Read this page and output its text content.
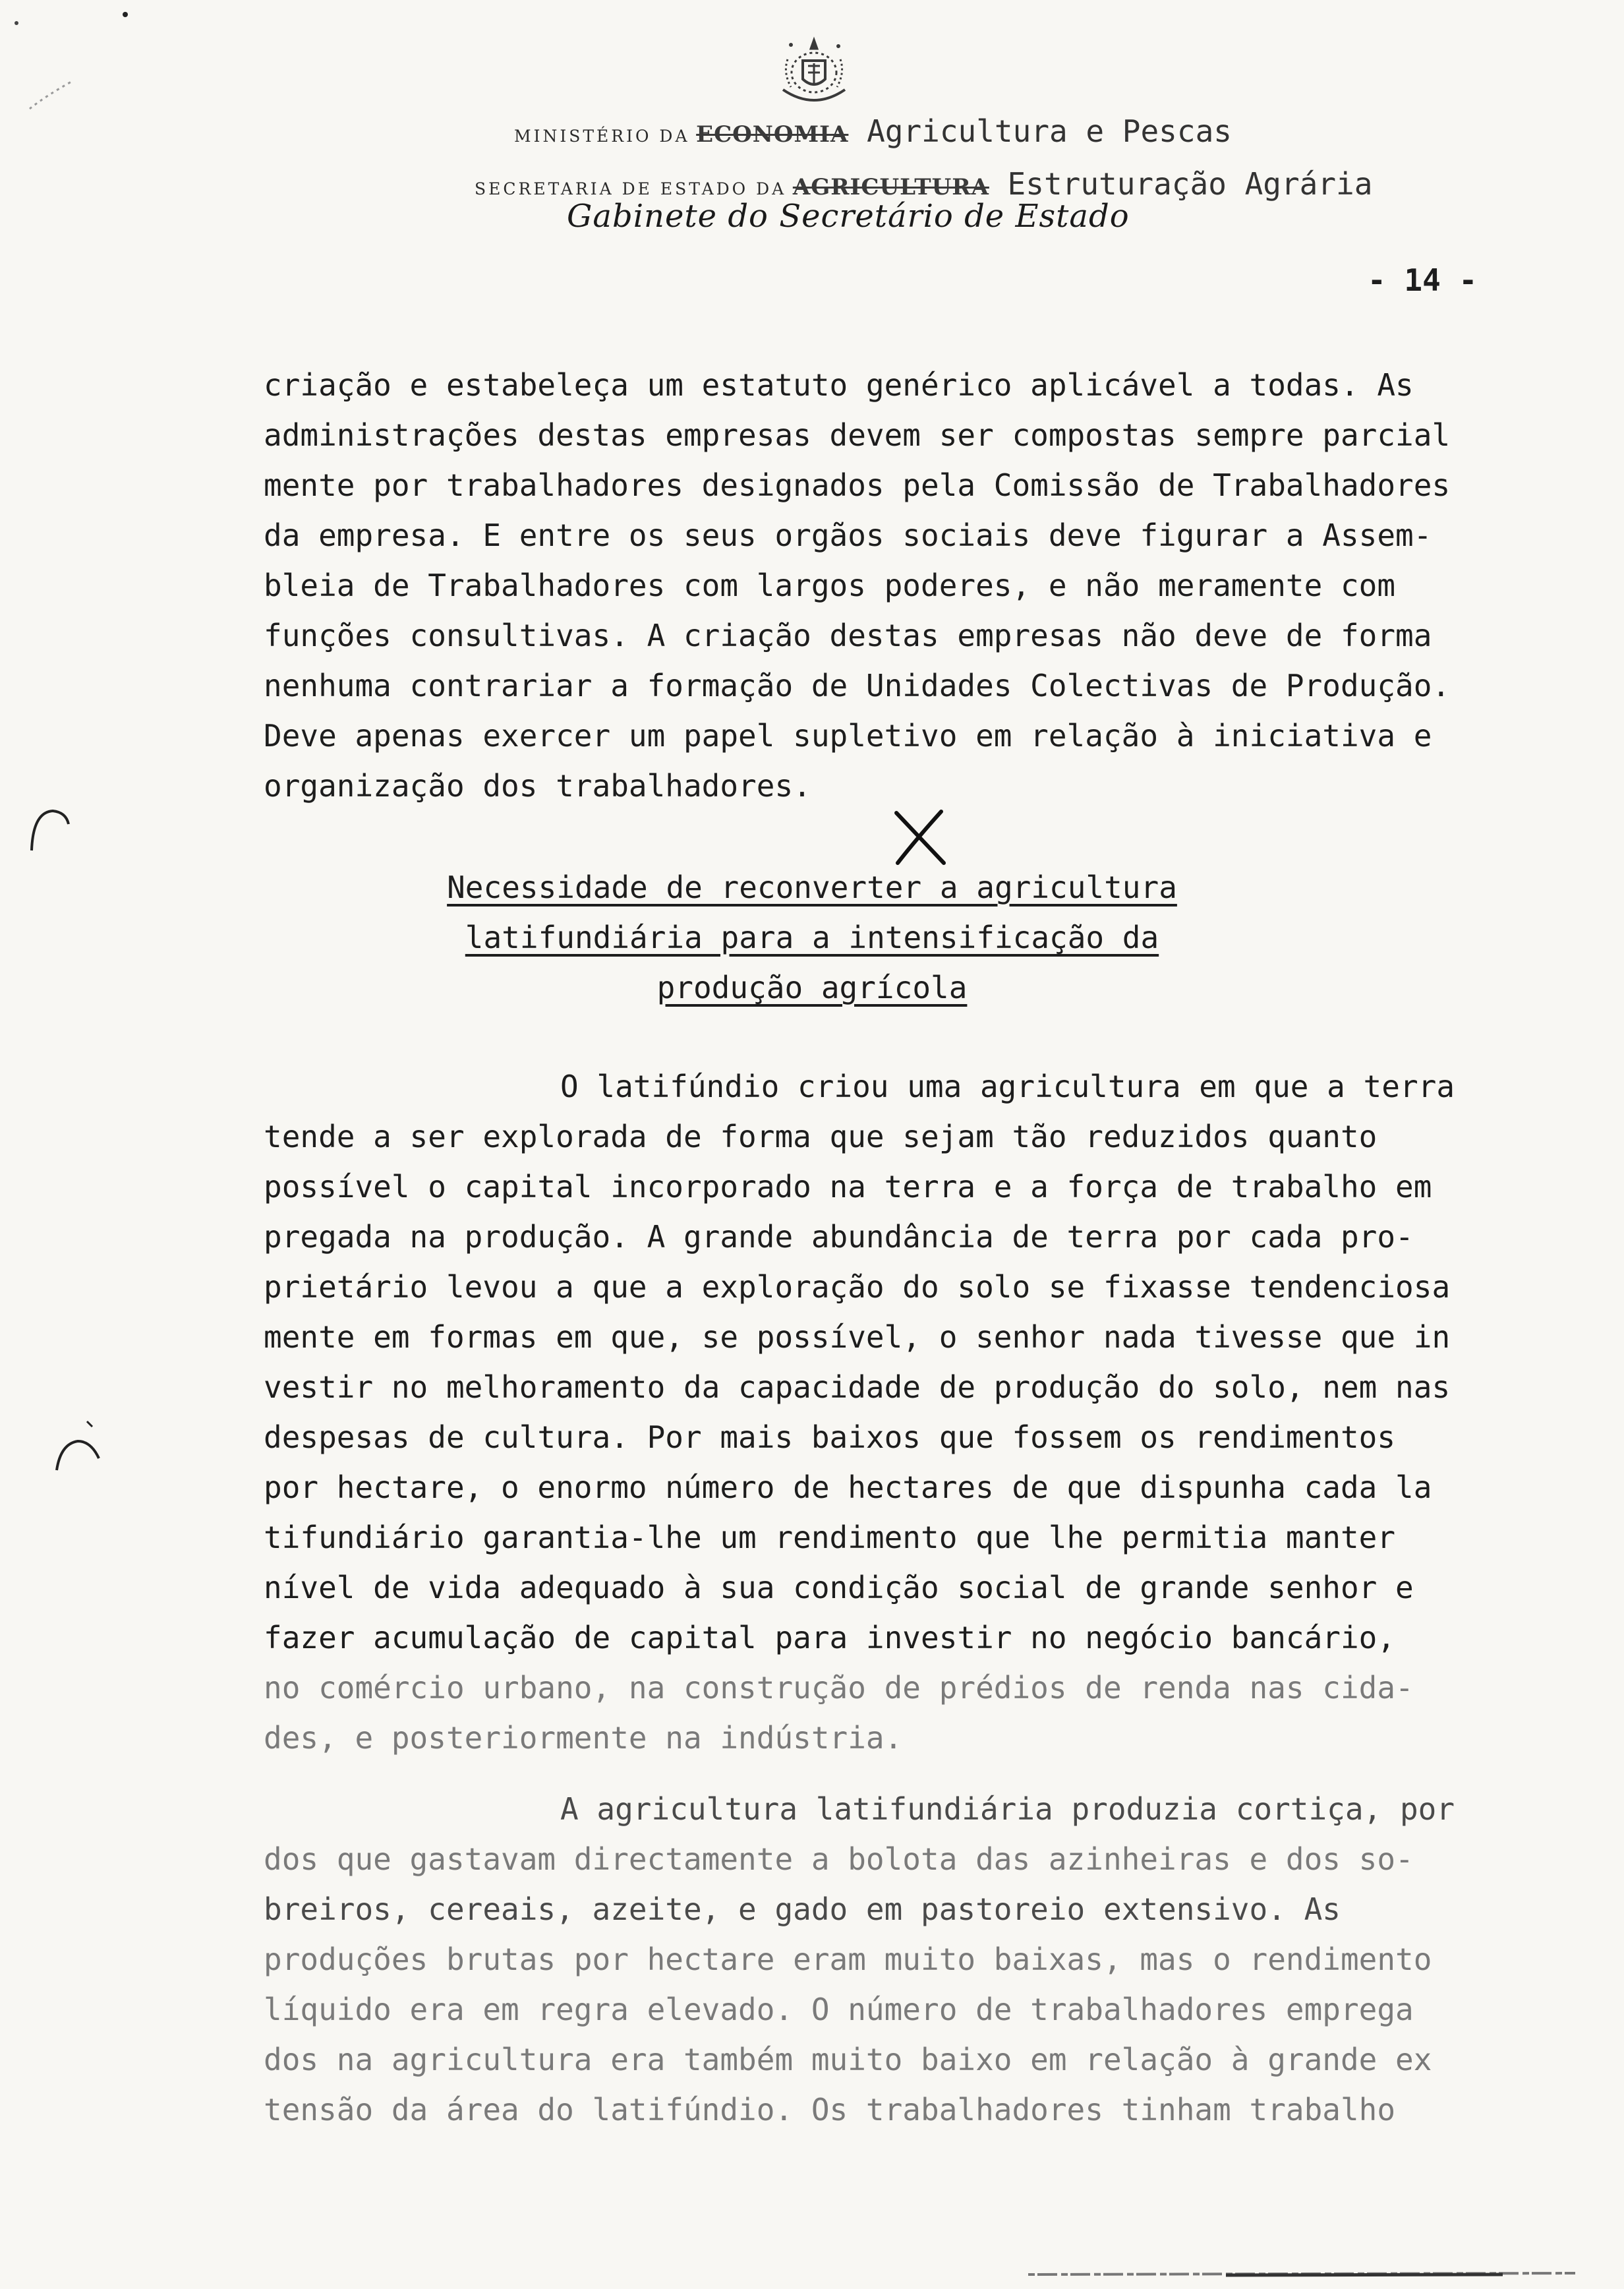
MINISTÉRIO DA ECONOMIA Agricultura e Pescas
SECRETARIA DE ESTADO DA AGRICULTURA Estruturação Agrária
Gabinete do Secretário de Estado
- 14 -
criação e estabeleça um estatuto genérico aplicável a todas. As
administrações destas empresas devem ser compostas sempre parcial
mente por trabalhadores designados pela Comissão de Trabalhadores
da empresa. E entre os seus orgãos sociais deve figurar a Assem-
bleia de Trabalhadores com largos poderes, e não meramente com
funções consultivas. A criação destas empresas não deve de forma
nenhuma contrariar a formação de Unidades Colectivas de Produção.
Deve apenas exercer um papel supletivo em relação à iniciativa e
organização dos trabalhadores.
Necessidade de reconverter a agricultura
latifundiária para a intensificação da
produção agrícola
O latifúndio criou uma agricultura em que a terra
tende a ser explorada de forma que sejam tão reduzidos quanto
possível o capital incorporado na terra e a força de trabalho em
pregada na produção. A grande abundância de terra por cada pro-
prietário levou a que a exploração do solo se fixasse tendenciosa
mente em formas em que, se possível, o senhor nada tivesse que in
vestir no melhoramento da capacidade de produção do solo, nem nas
despesas de cultura. Por mais baixos que fossem os rendimentos
por hectare, o enormo número de hectares de que dispunha cada la
tifundiário garantia-lhe um rendimento que lhe permitia manter
nível de vida adequado à sua condição social de grande senhor e
fazer acumulação de capital para investir no negócio bancário,
no comércio urbano, na construção de prédios de renda nas cida-
des, e posteriormente na indústria.
A agricultura latifundiária produzia cortiça, por
dos que gastavam directamente a bolota das azinheiras e dos so-
breiros, cereais, azeite, e gado em pastoreio extensivo. As
produções brutas por hectare eram muito baixas, mas o rendimento
líquido era em regra elevado. O número de trabalhadores emprega
dos na agricultura era também muito baixo em relação à grande ex
tensão da área do latifúndio. Os trabalhadores tinham trabalho
